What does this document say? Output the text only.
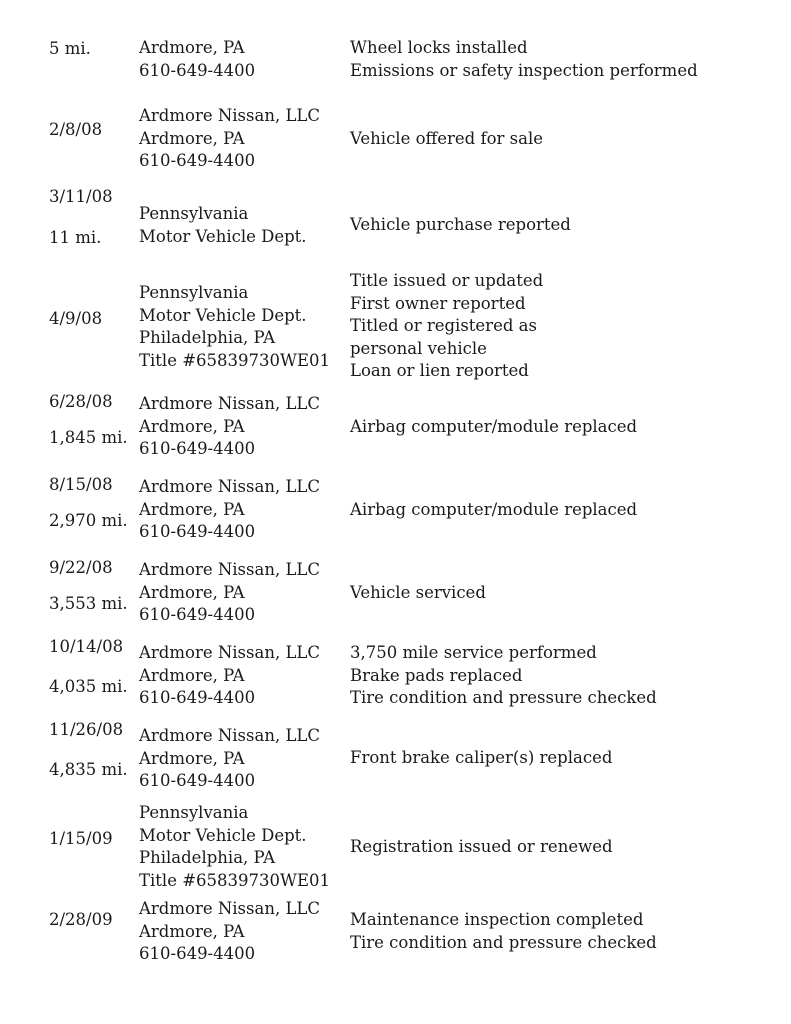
5 mi.	Ardmore, PA
610-649-4400
Wheel locks installed
Emissions or safety inspection performed
2/8/08
Ardmore Nissan, LLC
Ardmore, PA
610-649-4400
Vehicle offered for sale
3/11/08
11 mi.
Pennsylvania
Motor Vehicle Dept.
Vehicle purchase reported
4/9/08
Pennsylvania
Motor Vehicle Dept.
Philadelphia, PA
Title #65839730WE01
Title issued or updated
First owner reported
Titled or registered as
personal vehicle
Loan or lien reported
6/28/08
1,845 mi.
Ardmore Nissan, LLC
Ardmore, PA
610-649-4400
Airbag computer/module replaced
8/15/08
2,970 mi.
Ardmore Nissan, LLC
Ardmore, PA
610-649-4400
Airbag computer/module replaced
9/22/08
3,553 mi.
Ardmore Nissan, LLC
Ardmore, PA
610-649-4400
Vehicle serviced
10/14/08
4,035 mi.
Ardmore Nissan, LLC
Ardmore, PA
610-649-4400
3,750 mile service performed
Brake pads replaced
Tire condition and pressure checked
11/26/08
4,835 mi.
Ardmore Nissan, LLC
Ardmore, PA
610-649-4400
Front brake caliper(s) replaced
1/15/09
Pennsylvania
Motor Vehicle Dept.
Philadelphia, PA
Title #65839730WE01
Registration issued or renewed
2/28/09
Ardmore Nissan, LLC
Ardmore, PA
610-649-4400
Maintenance inspection completed
Tire condition and pressure checked
